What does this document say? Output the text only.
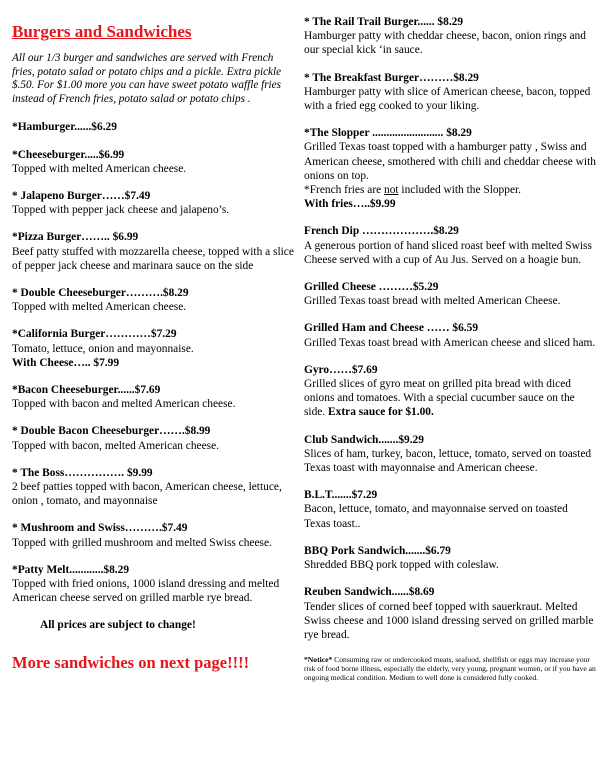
Burgers and Sandwiches
All our 1/3 burger and sandwiches are served with French fries, potato salad or potato chips and a pickle. Extra pickle $.50. For $1.00 more you can have sweet potato waffle fries instead of French fries, potato salad or potato chips .
*Hamburger......$6.29
*Cheeseburger.....$6.99
Topped with melted American cheese.
* Jalapeno Burger……$7.49
Topped with pepper jack cheese and jalapeno’s.
*Pizza Burger…….. $6.99
Beef patty stuffed with mozzarella cheese, topped with a slice of pepper jack cheese and marinara sauce on the side
* Double Cheeseburger……….$8.29
Topped with melted American cheese.
*California Burger…………$7.29
Tomato, lettuce, onion and mayonnaise.
With Cheese….. $7.99
*Bacon Cheeseburger......$7.69
Topped with bacon and melted American cheese.
* Double Bacon Cheeseburger…….$8.99
Topped with bacon, melted American cheese.
* The Boss……………. $9.99
2 beef patties topped with bacon, American cheese, lettuce, onion , tomato, and mayonnaise
* Mushroom and Swiss……….$7.49
Topped with grilled mushroom and melted Swiss cheese.
*Patty Melt............$8.29
Topped with fried onions, 1000 island dressing and melted American cheese served on grilled marble rye bread.
All prices are subject to change!
More sandwiches on next page!!!!
* The Rail Trail Burger...... $8.29
Hamburger patty with cheddar cheese, bacon, onion rings and our special kick ‘in sauce.
* The Breakfast Burger………$8.29
Hamburger patty with slice of American cheese, bacon, topped with a fried egg cooked to your liking.
*The Slopper ......................... $8.29
Grilled Texas toast topped with a hamburger patty , Swiss and American cheese, smothered with chili and cheddar cheese with onions on top.
*French fries are not included with the Slopper.
With fries…..$9.99
French Dip ……………….$8.29
A generous portion of hand sliced roast beef with melted Swiss Cheese served with a cup of Au Jus. Served on a hoagie bun.
Grilled Cheese ………$5.29
Grilled Texas toast bread with melted American Cheese.
Grilled Ham and Cheese …… $6.59
Grilled Texas toast bread with American cheese and sliced ham.
Gyro……$7.69
Grilled slices of gyro meat on grilled pita bread with diced onions and tomatoes. With a special cucumber sauce on the side. Extra sauce for $1.00.
Club Sandwich.......$9.29
Slices of ham, turkey, bacon, lettuce, tomato, served on toasted Texas toast with mayonnaise and American cheese.
B.L.T.......$7.29
Bacon, lettuce, tomato, and mayonnaise served on toasted Texas toast..
BBQ Pork Sandwich.......$6.79
Shredded BBQ pork topped with coleslaw.
Reuben Sandwich......$8.69
Tender slices of corned beef topped with sauerkraut. Melted Swiss cheese and 1000 island dressing served on grilled marble rye bread.
*Notice* Consuming raw or undercooked meats, seafood, shellfish or eggs may increase your risk of food borne illness, especially the elderly, very young, pregnant women, or if you have an ongoing medical condition. Medium to well done is considered fully cooked.
